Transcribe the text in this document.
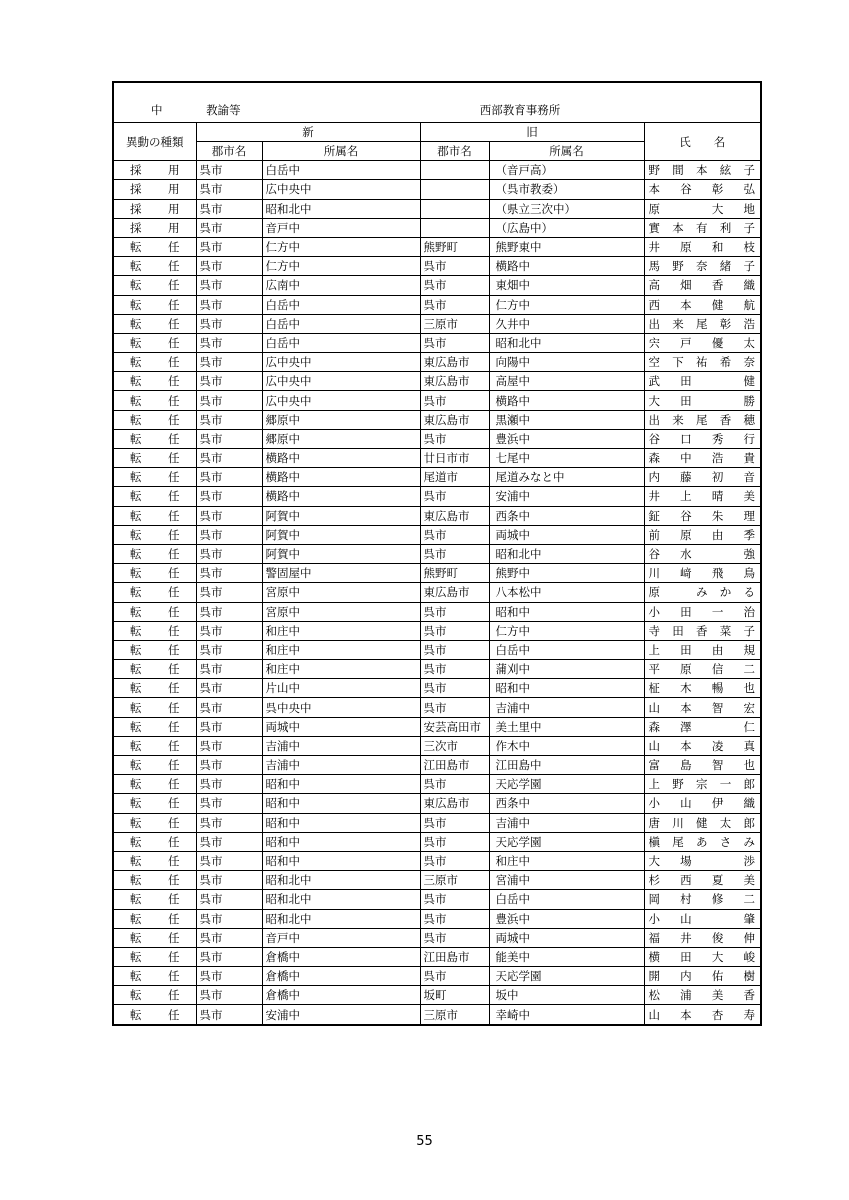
中 教諭等			西部教育事務所		
異動の種類	新		旧		氏　　名
	郡市名	所属名	郡市名	所属名	
採　用	呉市	白岳中		（音戸高）	野間本絃子
採　用	呉市	広中央中		（呉市教委）	本谷彰弘
採　用	呉市	昭和北中		（県立三次中）	原　大地
採　用	呉市	音戸中		（広島中）	實本有利子
転　任	呉市	仁方中	熊野町	熊野東中	井原和枝
転　任	呉市	仁方中	呉市	横路中	馬野奈緒子
転　任	呉市	広南中	呉市	東畑中	高畑香織
転　任	呉市	白岳中	呉市	仁方中	西本健航
転　任	呉市	白岳中	三原市	久井中	出来尾彰浩
転　任	呉市	白岳中	呉市	昭和北中	宍戸優太
転　任	呉市	広中央中	東広島市	向陽中	空下祐希奈
転　任	呉市	広中央中	東広島市	高屋中	武田　健
転　任	呉市	広中央中	呉市	横路中	大田　勝
転　任	呉市	郷原中	東広島市	黒瀬中	出来尾香穂
転　任	呉市	郷原中	呉市	豊浜中	谷口秀行
転　任	呉市	横路中	廿日市市	七尾中	森中浩貴
転　任	呉市	横路中	尾道市	尾道みなと中	内藤初音
転　任	呉市	横路中	呉市	安浦中	井上晴美
転　任	呉市	阿賀中	東広島市	西条中	鉦谷朱理
転　任	呉市	阿賀中	呉市	両城中	前原由季
転　任	呉市	阿賀中	呉市	昭和北中	谷水　強
転　任	呉市	警固屋中	熊野町	熊野中	川﨑飛鳥
転　任	呉市	宮原中	東広島市	八本松中	原　みかる
転　任	呉市	宮原中	呉市	昭和中	小田一治
転　任	呉市	和庄中	呉市	仁方中	寺田香菜子
転　任	呉市	和庄中	呉市	白岳中	上田由規
転　任	呉市	和庄中	呉市	蒲刈中	平原信二
転　任	呉市	片山中	呉市	昭和中	柾木暢也
転　任	呉市	呉中央中	呉市	吉浦中	山本智宏
転　任	呉市	両城中	安芸高田市	美土里中	森澤　仁
転　任	呉市	吉浦中	三次市	作木中	山本凌真
転　任	呉市	吉浦中	江田島市	江田島中	富島智也
転　任	呉市	昭和中	呉市	天応学園	上野宗一郎
転　任	呉市	昭和中	東広島市	西条中	小山伊織
転　任	呉市	昭和中	呉市	吉浦中	唐川健太郎
転　任	呉市	昭和中	呉市	天応学園	槇尾あさみ
転　任	呉市	昭和中	呉市	和庄中	大場　渉
転　任	呉市	昭和北中	三原市	宮浦中	杉西夏美
転　任	呉市	昭和北中	呉市	白岳中	岡村修二
転　任	呉市	昭和北中	呉市	豊浜中	小山　肇
転　任	呉市	音戸中	呉市	両城中	福井俊伸
転　任	呉市	倉橋中	江田島市	能美中	横田大峻
転　任	呉市	倉橋中	呉市	天応学園	開内佑樹
転　任	呉市	倉橋中	坂町	坂中	松浦美香
転　任	呉市	安浦中	三原市	幸崎中	山本杏寿
55
